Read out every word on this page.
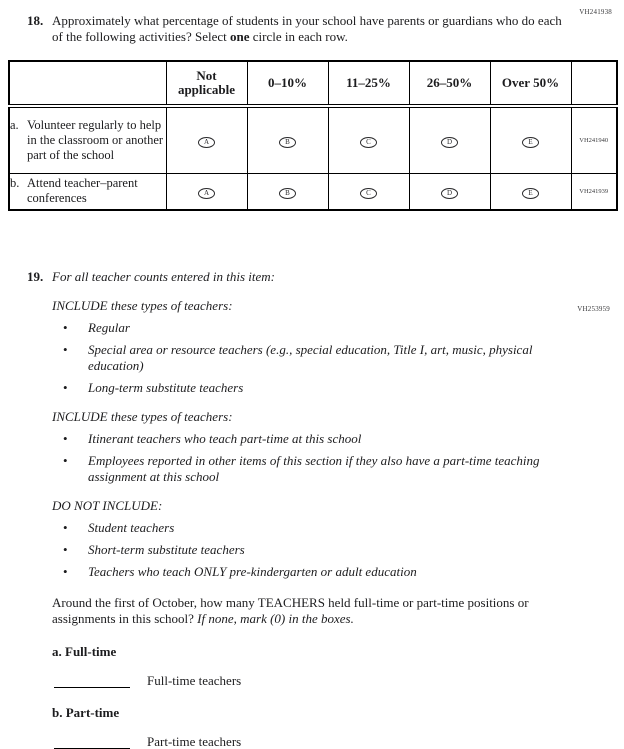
VH241938
VH253959
18. Approximately what percentage of students in your school have parents or guardians who do each of the following activities? Select one circle in each row.
	Not applicable	0–10%	11–25%	26–50%	Over 50%	

a. Volunteer regularly to help in the classroom or another part of the school	A	B	C	D	E	VH241940

b. Attend teacher–parent conferences	A	B	C	D	E	VH241939
19. For all teacher counts entered in this item:
INCLUDE these types of teachers:
•	Regular
•	Special area or resource teachers (e.g., special education, Title I, art, music, physical education)
•	Long-term substitute teachers
INCLUDE these types of teachers:
•	Itinerant teachers who teach part-time at this school
•	Employees reported in other items of this section if they also have a part-time teaching assignment at this school
DO NOT INCLUDE:
•	Student teachers
•	Short-term substitute teachers
•	Teachers who teach ONLY pre-kindergarten or adult education
Around the first of October, how many TEACHERS held full-time or part-time positions or assignments in this school? If none, mark (0) in the boxes.
a. Full-time
Full-time teachers
b. Part-time
Part-time teachers
